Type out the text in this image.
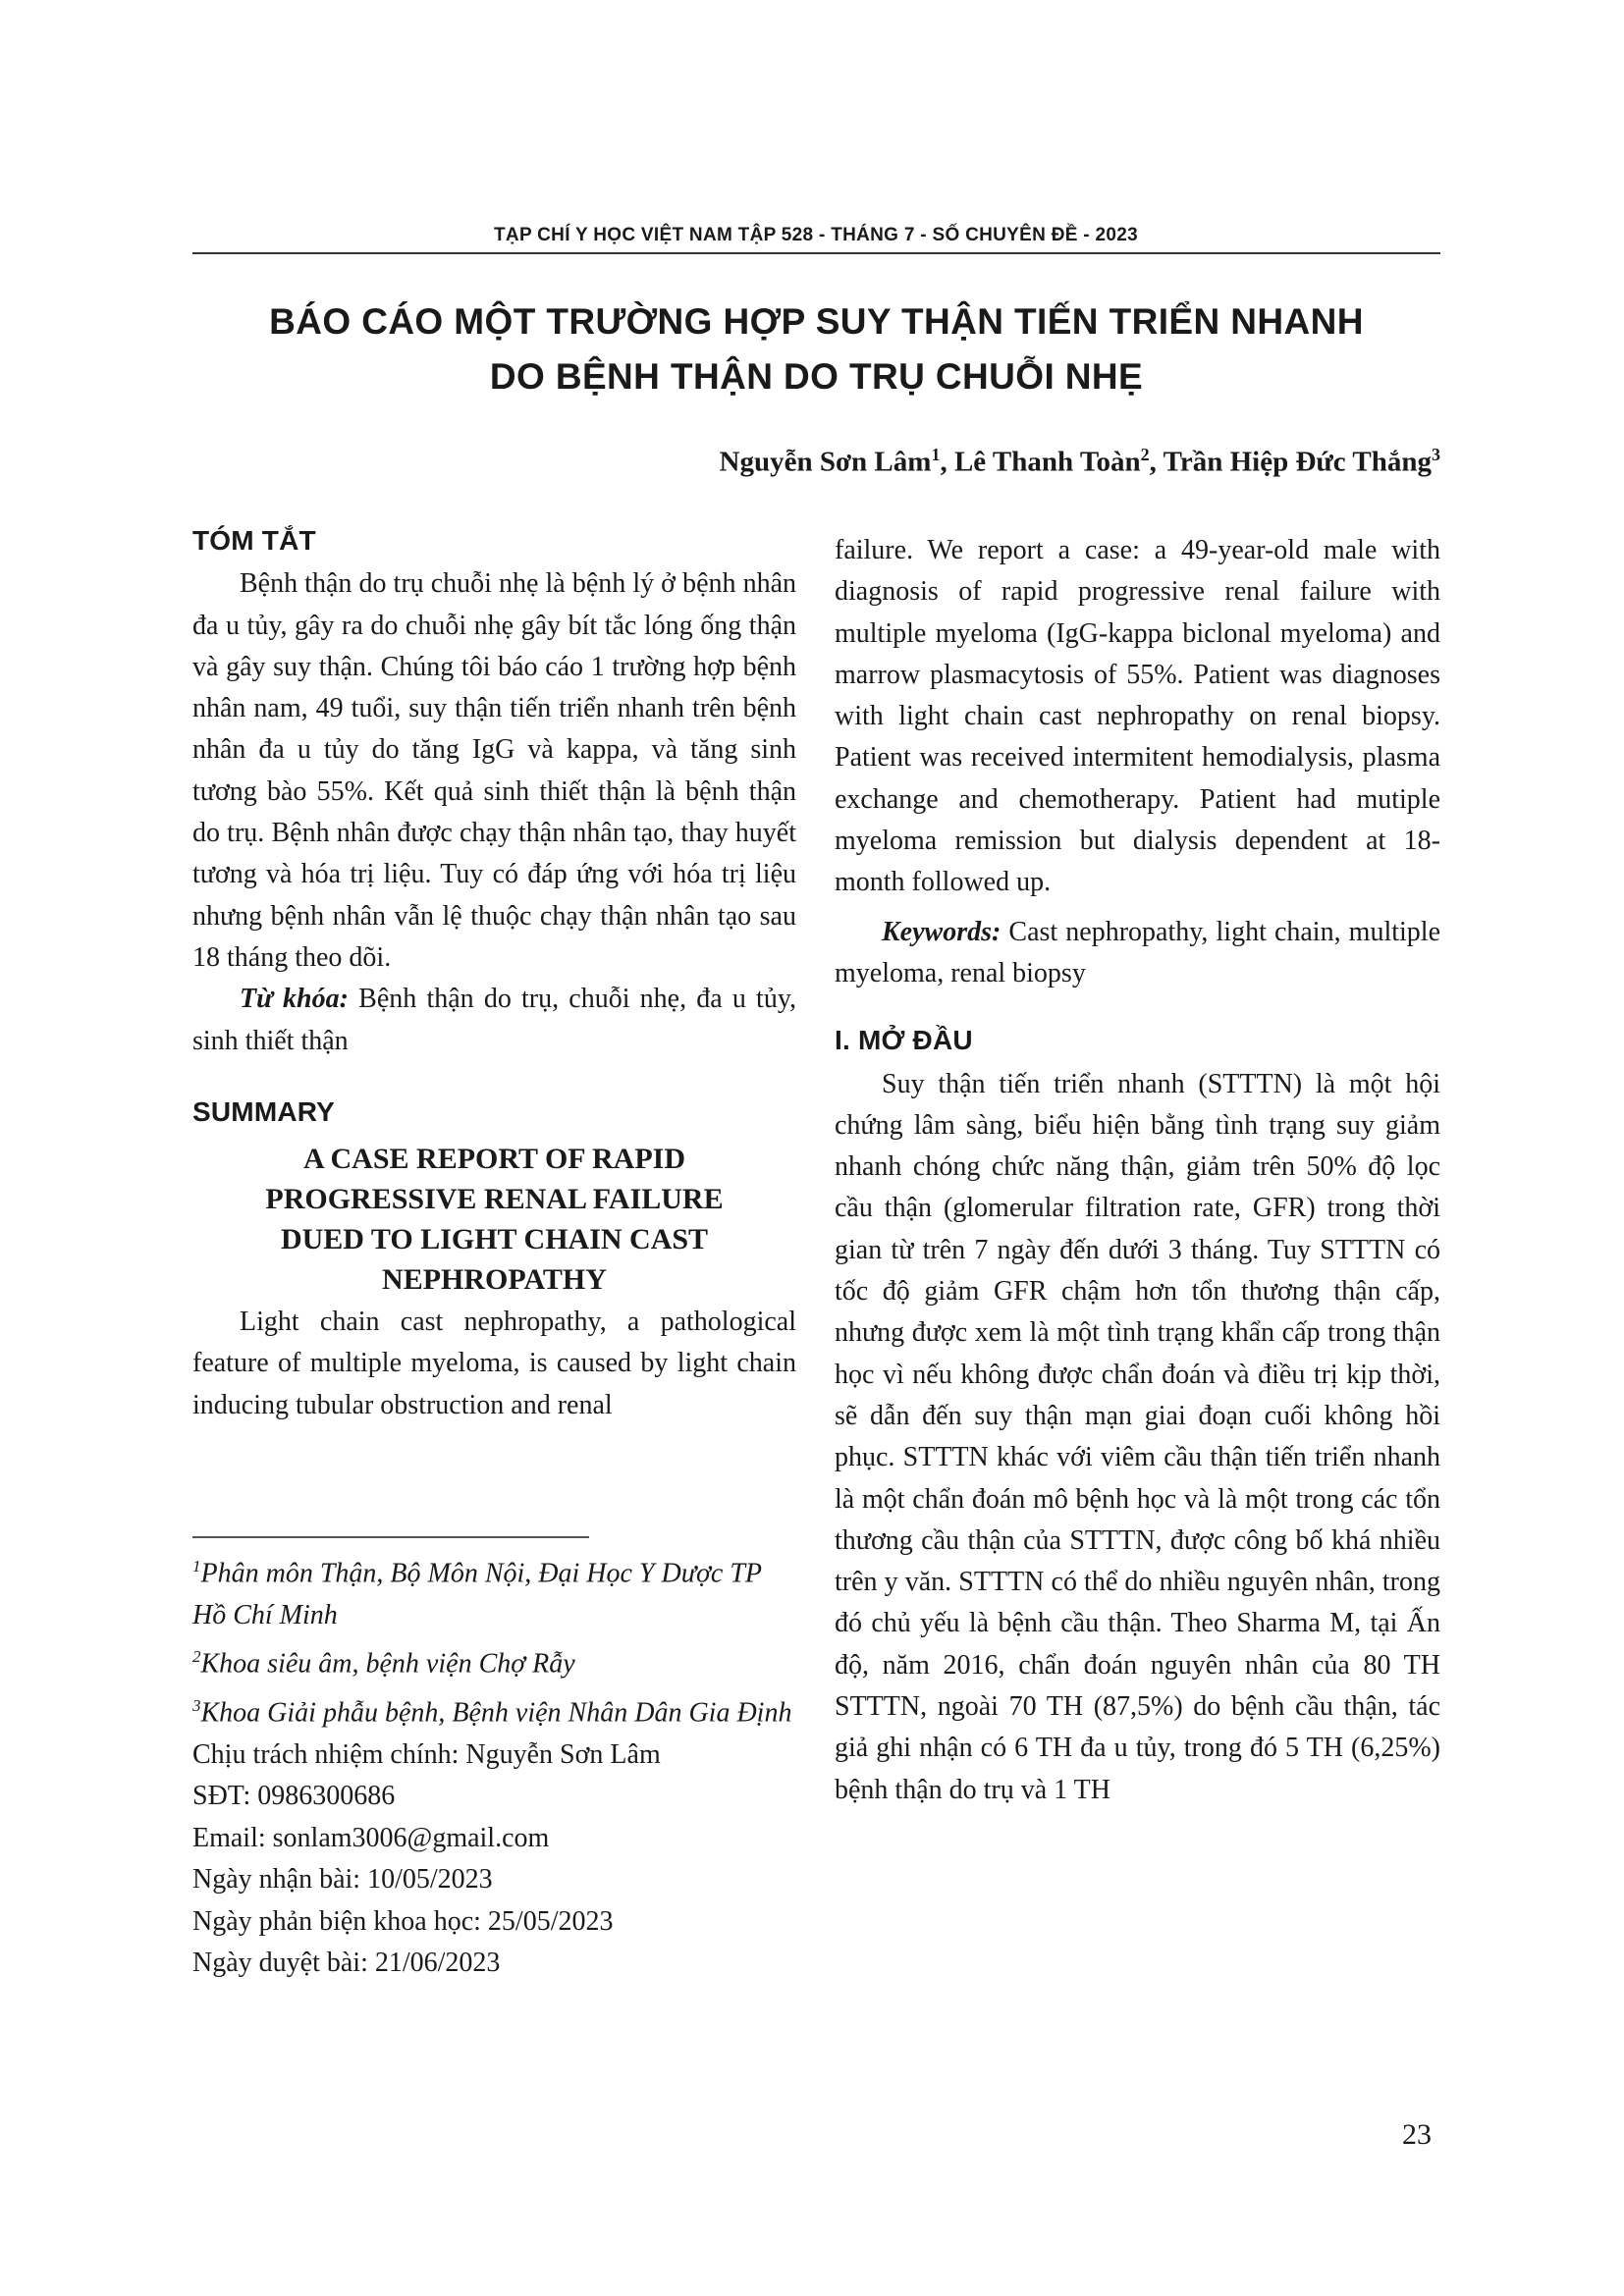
TẠP CHÍ Y HỌC VIỆT NAM TẬP 528 - THÁNG 7 - SỐ CHUYÊN ĐỀ - 2023
BÁO CÁO MỘT TRƯỜNG HỢP SUY THẬN TIẾN TRIỂN NHANH
DO BỆNH THẬN DO TRỤ CHUỖI NHẸ
Nguyễn Sơn Lâm$^1$, Lê Thanh Toàn$^2$, Trần Hiệp Đức Thắng$^3$
TÓM TẮT

Bệnh thận do trụ chuỗi nhẹ là bệnh lý ở bệnh nhân đa u tủy, gây ra do chuỗi nhẹ gây bít tắc lóng ống thận và gây suy thận. Chúng tôi báo cáo 1 trường hợp bệnh nhân nam, 49 tuổi, suy thận tiến triển nhanh trên bệnh nhân đa u tủy do tăng IgG và kappa, và tăng sinh tương bào 55%. Kết quả sinh thiết thận là bệnh thận do trụ. Bệnh nhân được chạy thận nhân tạo, thay huyết tương và hóa trị liệu. Tuy có đáp ứng với hóa trị liệu nhưng bệnh nhân vẫn lệ thuộc chạy thận nhân tạo sau 18 tháng theo dõi.

Từ khóa: Bệnh thận do trụ, chuỗi nhẹ, đa u tủy, sinh thiết thận

SUMMARY
A CASE REPORT OF RAPID
PROGRESSIVE RENAL FAILURE
DUED TO LIGHT CHAIN CAST
NEPHROPATHY

Light chain cast nephropathy, a pathological feature of multiple myeloma, is caused by light chain inducing tubular obstruction and renal

$^1$Phân môn Thận, Bộ Môn Nội, Đại Học Y Dược TP Hồ Chí Minh

$^2$Khoa siêu âm, bệnh viện Chợ Rẫy

$^3$Khoa Giải phẫu bệnh, Bệnh viện Nhân Dân Gia Định

Chịu trách nhiệm chính: Nguyễn Sơn Lâm

SĐT: 0986300686

Email: sonlam3006@gmail.com

Ngày nhận bài: 10/05/2023

Ngày phản biện khoa học: 25/05/2023

Ngày duyệt bài: 21/06/2023

failure. We report a case: a 49-year-old male with diagnosis of rapid progressive renal failure with multiple myeloma (IgG-kappa biclonal myeloma) and marrow plasmacytosis of 55%. Patient was diagnoses with light chain cast nephropathy on renal biopsy. Patient was received intermitent hemodialysis, plasma exchange and chemotherapy. Patient had mutiple myeloma remission but dialysis dependent at 18-month followed up.

Keywords: Cast nephropathy, light chain, multiple myeloma, renal biopsy

I. MỞ ĐẦU

Suy thận tiến triển nhanh (STTTN) là một hội chứng lâm sàng, biểu hiện bằng tình trạng suy giảm nhanh chóng chức năng thận, giảm trên 50% độ lọc cầu thận (glomerular filtration rate, GFR) trong thời gian từ trên 7 ngày đến dưới 3 tháng. Tuy STTTN có tốc độ giảm GFR chậm hơn tổn thương thận cấp, nhưng được xem là một tình trạng khẩn cấp trong thận học vì nếu không được chẩn đoán và điều trị kịp thời, sẽ dẫn đến suy thận mạn giai đoạn cuối không hồi phục. STTTN khác với viêm cầu thận tiến triển nhanh là một chẩn đoán mô bệnh học và là một trong các tổn thương cầu thận của STTTN, được công bố khá nhiều trên y văn. STTTN có thể do nhiều nguyên nhân, trong đó chủ yếu là bệnh cầu thận. Theo Sharma M, tại Ấn độ, năm 2016, chẩn đoán nguyên nhân của 80 TH STTTN, ngoài 70 TH (87,5%) do bệnh cầu thận, tác giả ghi nhận có 6 TH đa u tủy, trong đó 5 TH (6,25%) bệnh thận do trụ và 1 TH

23
